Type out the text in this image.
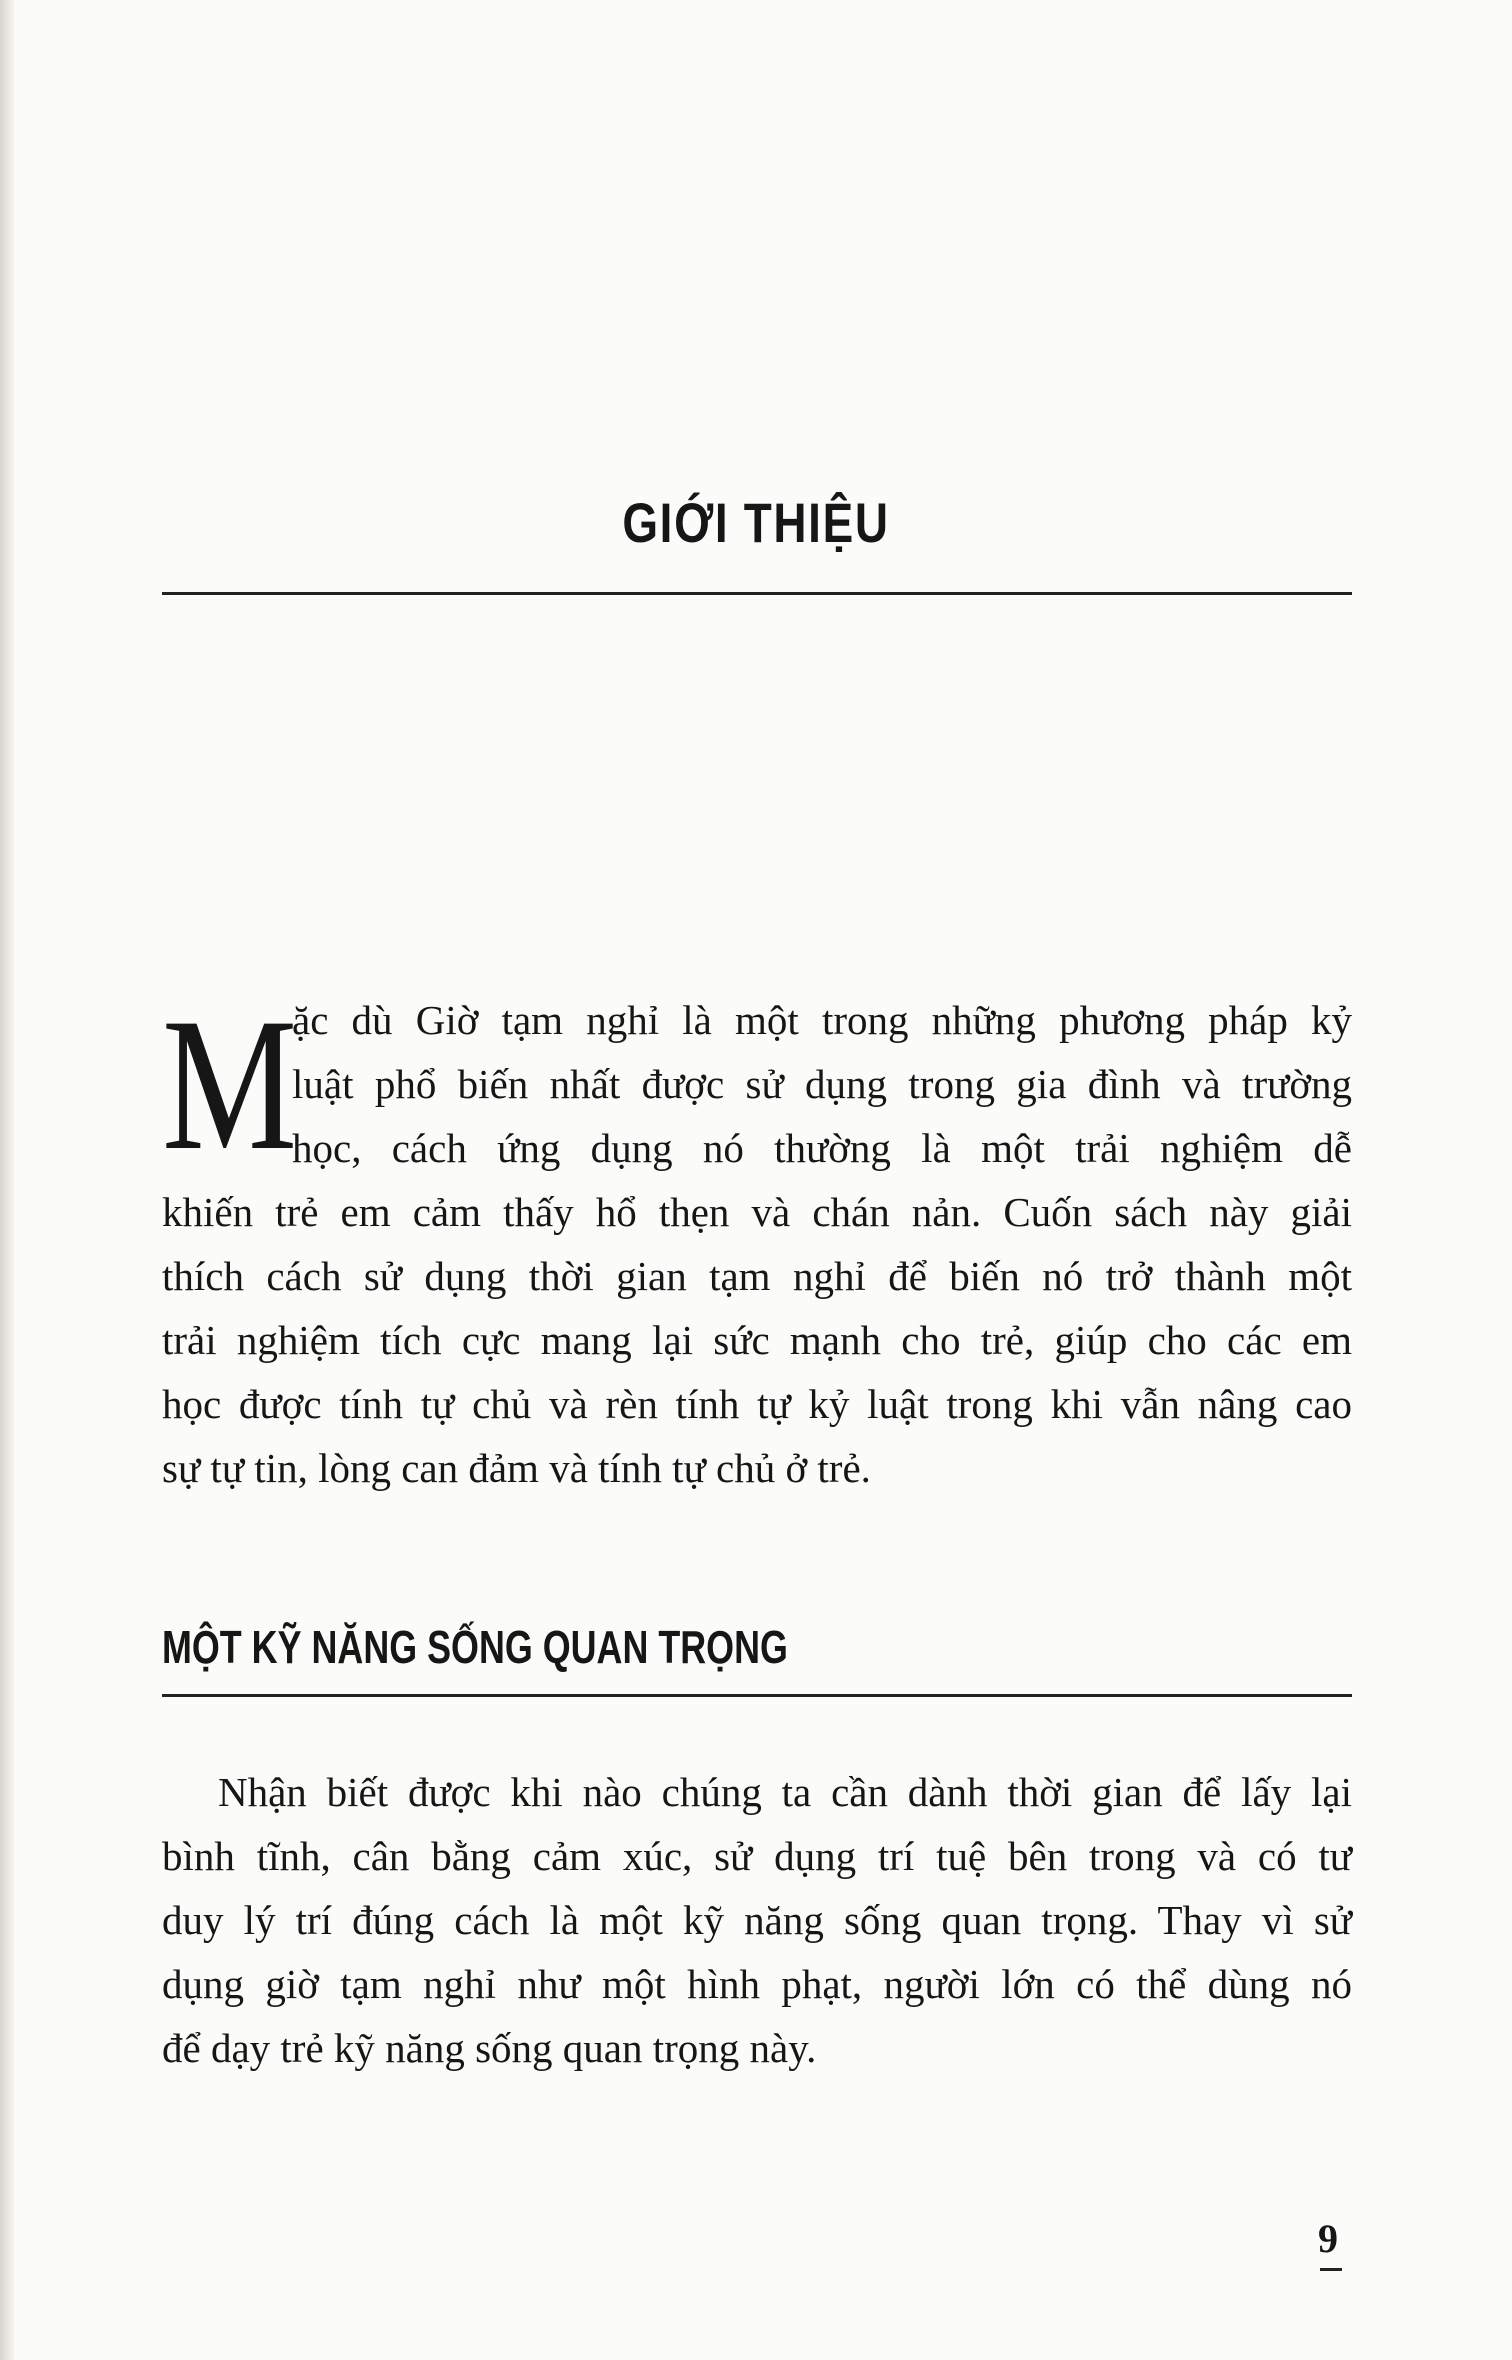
GIỚI THIỆU
M
ặc dù Giờ tạm nghỉ là một trong những phương pháp kỷ
luật phổ biến nhất được sử dụng trong gia đình và trường
học, cách ứng dụng nó thường là một trải nghiệm dễ
khiến trẻ em cảm thấy hổ thẹn và chán nản. Cuốn sách này giải
thích cách sử dụng thời gian tạm nghỉ để biến nó trở thành một
trải nghiệm tích cực mang lại sức mạnh cho trẻ, giúp cho các em
học được tính tự chủ và rèn tính tự kỷ luật trong khi vẫn nâng cao
sự tự tin, lòng can đảm và tính tự chủ ở trẻ.
MỘT KỸ NĂNG SỐNG QUAN TRỌNG
Nhận biết được khi nào chúng ta cần dành thời gian để lấy lại
bình tĩnh, cân bằng cảm xúc, sử dụng trí tuệ bên trong và có tư
duy lý trí đúng cách là một kỹ năng sống quan trọng. Thay vì sử
dụng giờ tạm nghỉ như một hình phạt, người lớn có thể dùng nó
để dạy trẻ kỹ năng sống quan trọng này.
9
